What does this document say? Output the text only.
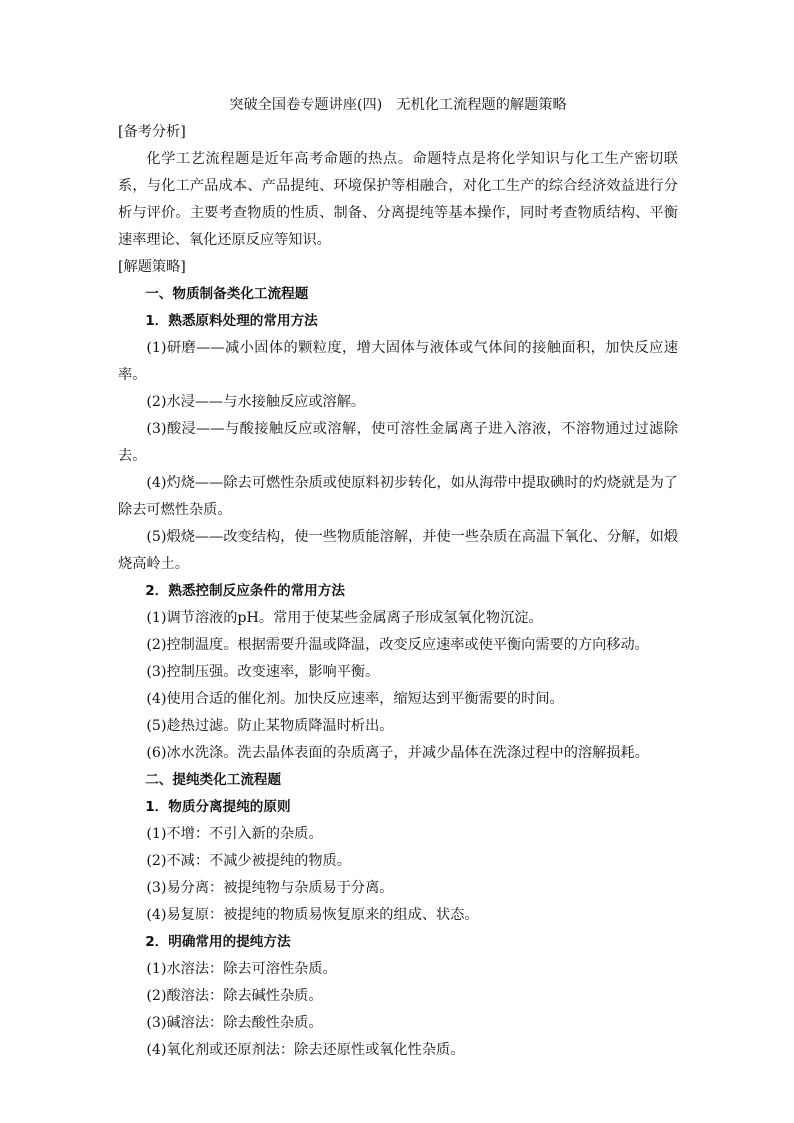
突破全国卷专题讲座(四)　无机化工流程题的解题策略

[备考分析]

化学工艺流程题是近年高考命题的热点。命题特点是将化学知识与化工生产密切联系，与化工产品成本、产品提纯、环境保护等相融合，对化工生产的综合经济效益进行分析与评价。主要考查物质的性质、制备、分离提纯等基本操作，同时考查物质结构、平衡速率理论、氧化还原反应等知识。

[解题策略]

一、物质制备类化工流程题

1．熟悉原料处理的常用方法

(1)研磨——减小固体的颗粒度，增大固体与液体或气体间的接触面积，加快反应速率。

(2)水浸——与水接触反应或溶解。

(3)酸浸——与酸接触反应或溶解，使可溶性金属离子进入溶液，不溶物通过过滤除去。

(4)灼烧——除去可燃性杂质或使原料初步转化，如从海带中提取碘时的灼烧就是为了除去可燃性杂质。

(5)煅烧——改变结构，使一些物质能溶解，并使一些杂质在高温下氧化、分解，如煅烧高岭土。

2．熟悉控制反应条件的常用方法

(1)调节溶液的pH。常用于使某些金属离子形成氢氧化物沉淀。

(2)控制温度。根据需要升温或降温，改变反应速率或使平衡向需要的方向移动。

(3)控制压强。改变速率，影响平衡。

(4)使用合适的催化剂。加快反应速率，缩短达到平衡需要的时间。

(5)趁热过滤。防止某物质降温时析出。

(6)冰水洗涤。洗去晶体表面的杂质离子，并减少晶体在洗涤过程中的溶解损耗。

二、提纯类化工流程题

1．物质分离提纯的原则

(1)不增：不引入新的杂质。

(2)不减：不减少被提纯的物质。

(3)易分离：被提纯物与杂质易于分离。

(4)易复原：被提纯的物质易恢复原来的组成、状态。

2．明确常用的提纯方法

(1)水溶法：除去可溶性杂质。

(2)酸溶法：除去碱性杂质。

(3)碱溶法：除去酸性杂质。

(4)氧化剂或还原剂法：除去还原性或氧化性杂质。
